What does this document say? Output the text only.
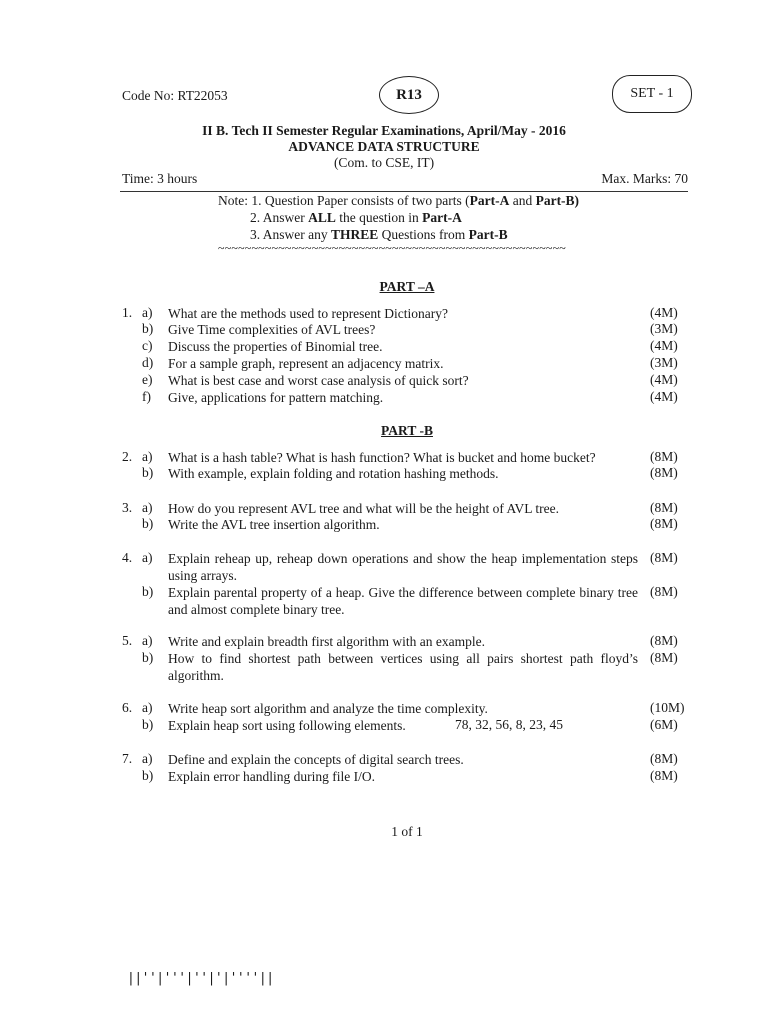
Code No: RT22053	R13	SET - 1
II B. Tech II Semester Regular Examinations, April/May - 2016
ADVANCE DATA STRUCTURE
(Com. to CSE, IT)
Time: 3 hours	Max. Marks: 70
Note: 1. Question Paper consists of two parts (Part-A and Part-B)
2. Answer ALL the question in Part-A
3. Answer any THREE Questions from Part-B
~~~~~~~~~~~~~~~~~~~~~~~~~~~~~~~~~~~~~~~~~~~~~~~~~~~~
PART –A
1. a) What are the methods used to represent Dictionary?	(4M)
b) Give Time complexities of AVL trees?	(3M)
c) Discuss the properties of Binomial tree.	(4M)
d) For a sample graph, represent an adjacency matrix.	(3M)
e) What is best case and worst case analysis of quick sort?	(4M)
f) Give, applications for pattern matching.	(4M)
PART -B
2. a) What is a hash table? What is hash function? What is bucket and home bucket?	(8M)
b) With example, explain folding and rotation hashing methods.	(8M)
3. a) How do you represent AVL tree and what will be the height of AVL tree.	(8M)
b) Write the AVL tree insertion algorithm.	(8M)
4. a) Explain reheap up, reheap down operations and show the heap implementation steps using arrays.
(8M)
b) Explain parental property of a heap. Give the difference between complete binary tree and almost complete binary tree.
(8M)
5. a) Write and explain breadth first algorithm with an example.	(8M)
b) How to find shortest path between vertices using all pairs shortest path floyd’s algorithm.
(8M)
6. a) Write heap sort algorithm and analyze the time complexity.	(10M)
b) Explain heap sort using following elements.	78, 32, 56, 8, 23, 45	(6M)
7. a) Define and explain the concepts of digital search trees.	(8M)
b) Explain error handling during file I/O.	(8M)
1 of 1
||''|'''|''|'|''''||
